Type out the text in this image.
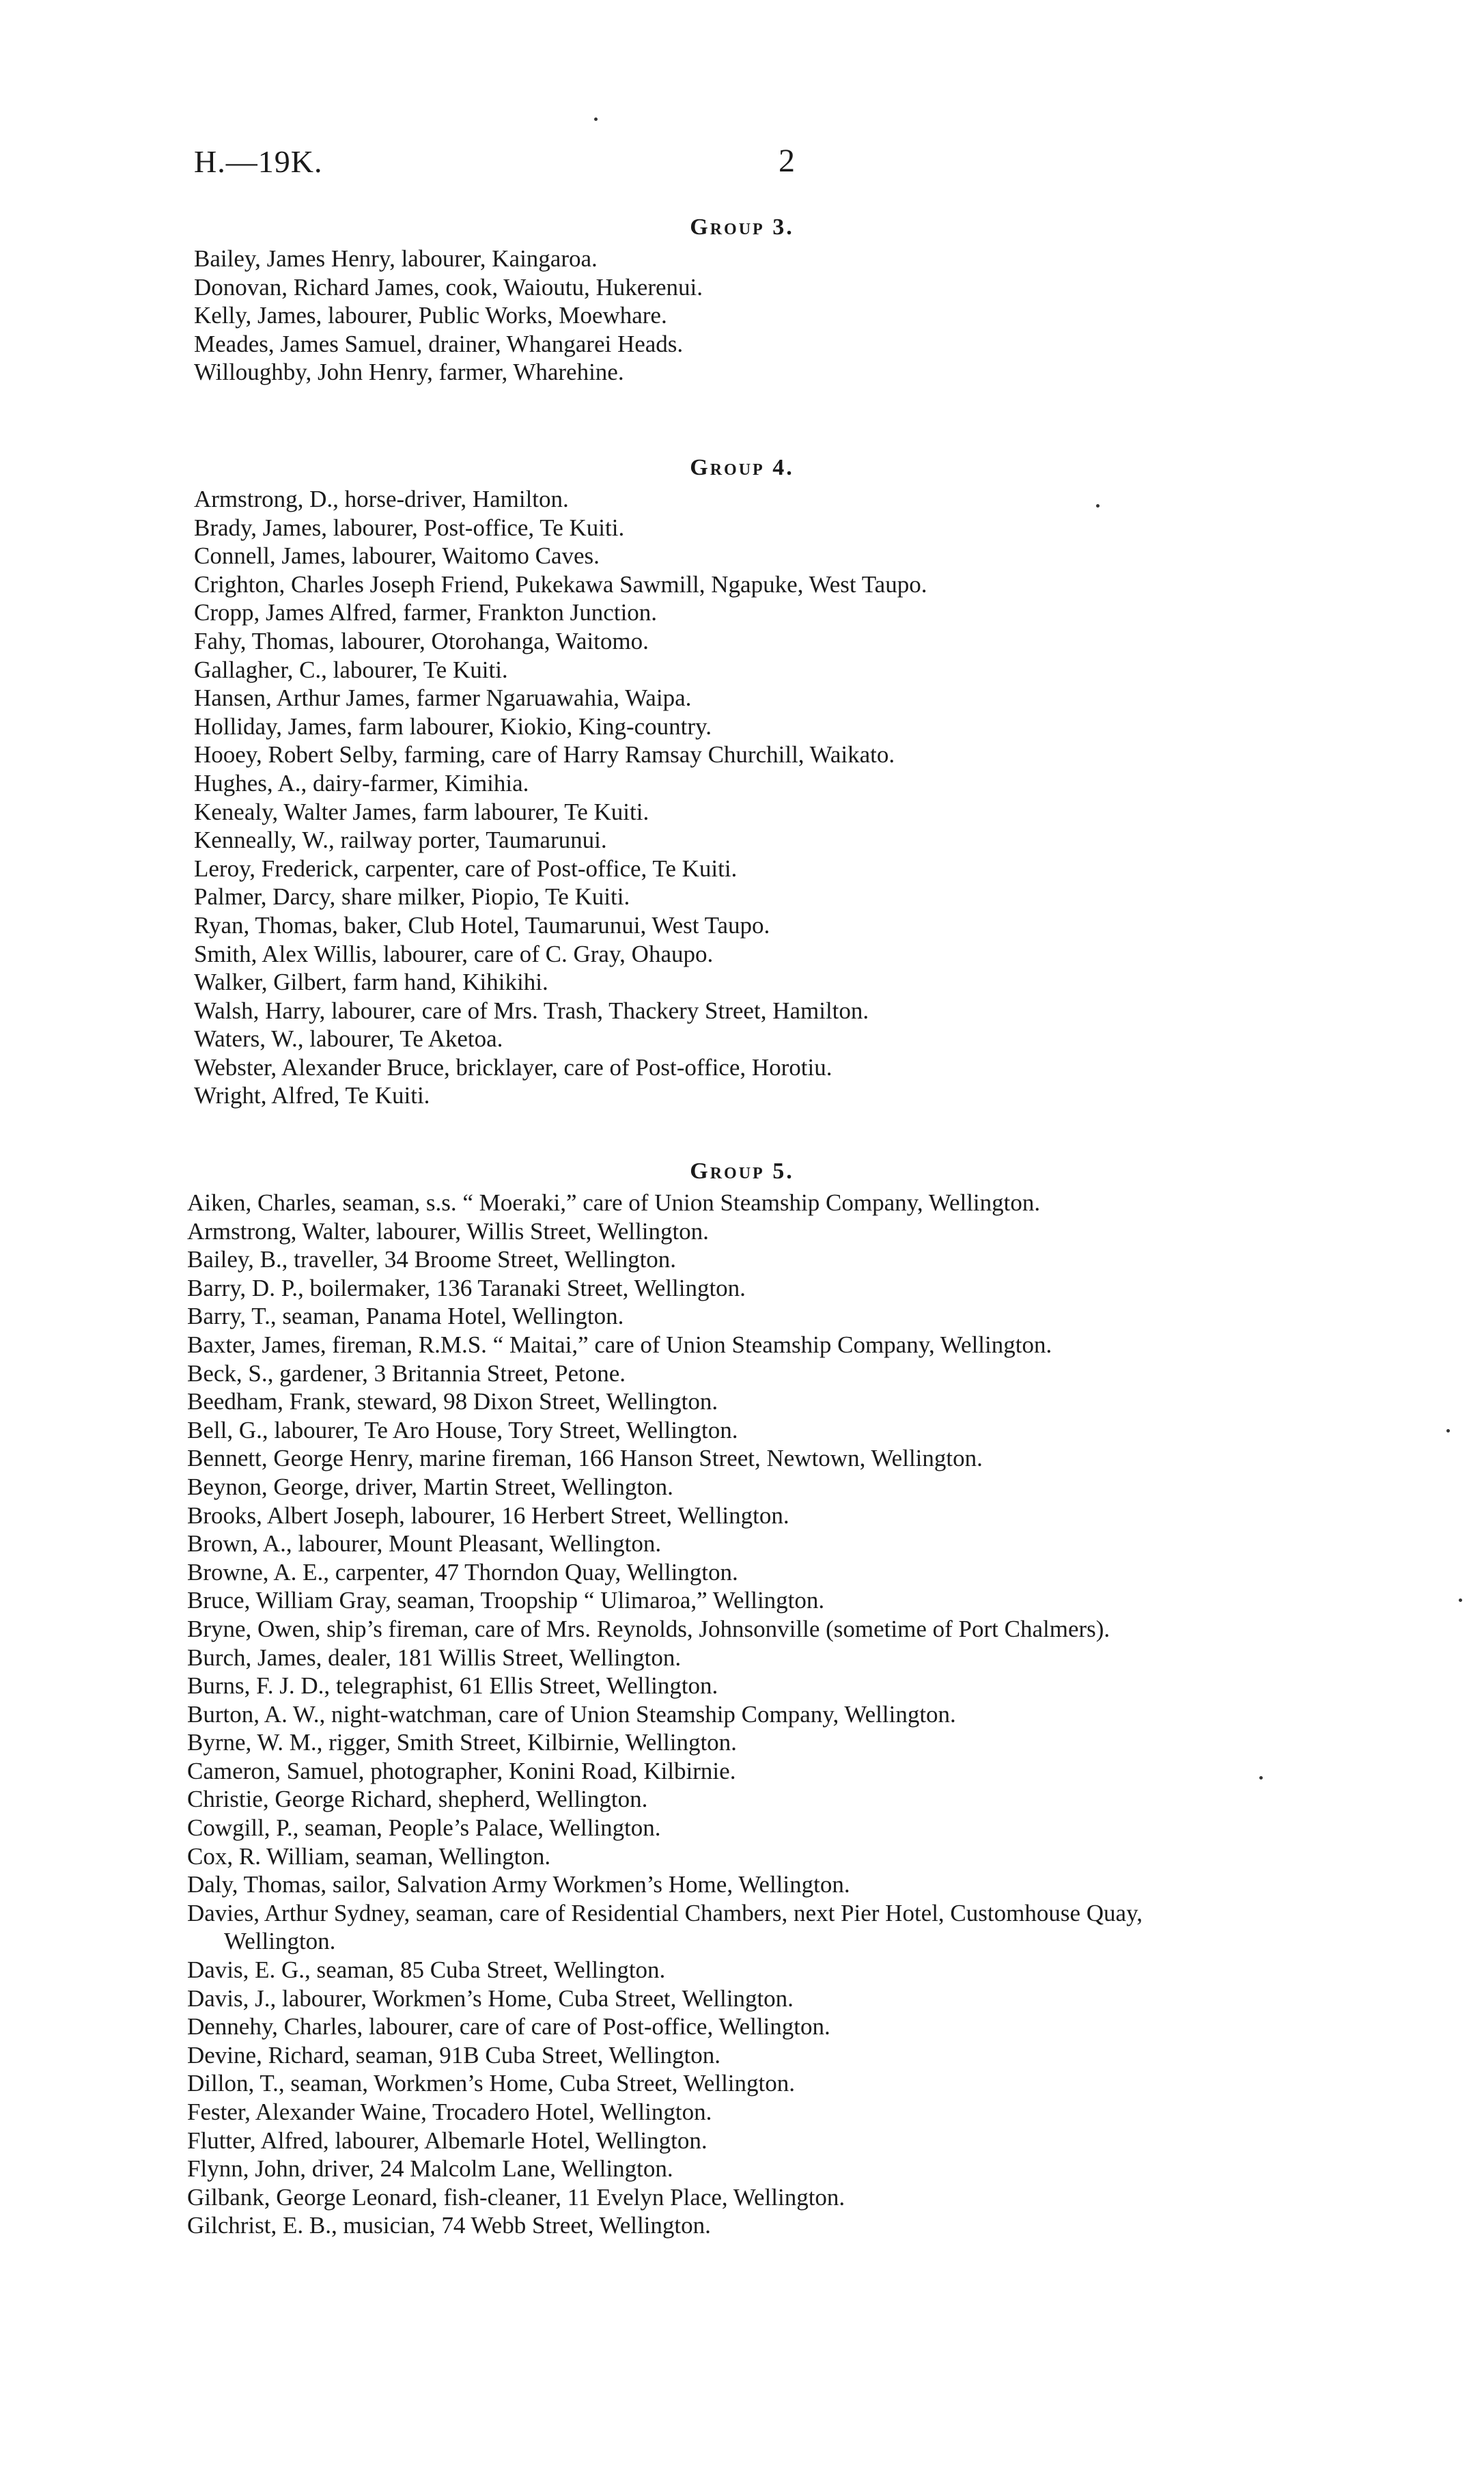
H.—19K.	2
Group 3.
Bailey, James Henry, labourer, Kaingaroa.
Donovan, Richard James, cook, Waioutu, Hukerenui.
Kelly, James, labourer, Public Works, Moewhare.
Meades, James Samuel, drainer, Whangarei Heads.
Willoughby, John Henry, farmer, Wharehine.
Group 4.
Armstrong, D., horse-driver, Hamilton.
Brady, James, labourer, Post-office, Te Kuiti.
Connell, James, labourer, Waitomo Caves.
Crighton, Charles Joseph Friend, Pukekawa Sawmill, Ngapuke, West Taupo.
Cropp, James Alfred, farmer, Frankton Junction.
Fahy, Thomas, labourer, Otorohanga, Waitomo.
Gallagher, C., labourer, Te Kuiti.
Hansen, Arthur James, farmer Ngaruawahia, Waipa.
Holliday, James, farm labourer, Kiokio, King-country.
Hooey, Robert Selby, farming, care of Harry Ramsay Churchill, Waikato.
Hughes, A., dairy-farmer, Kimihia.
Kenealy, Walter James, farm labourer, Te Kuiti.
Kenneally, W., railway porter, Taumarunui.
Leroy, Frederick, carpenter, care of Post-office, Te Kuiti.
Palmer, Darcy, share milker, Piopio, Te Kuiti.
Ryan, Thomas, baker, Club Hotel, Taumarunui, West Taupo.
Smith, Alex Willis, labourer, care of C. Gray, Ohaupo.
Walker, Gilbert, farm hand, Kihikihi.
Walsh, Harry, labourer, care of Mrs. Trash, Thackery Street, Hamilton.
Waters, W., labourer, Te Aketoa.
Webster, Alexander Bruce, bricklayer, care of Post-office, Horotiu.
Wright, Alfred, Te Kuiti.
Group 5.
Aiken, Charles, seaman, s.s. “ Moeraki,” care of Union Steamship Company, Wellington.
Armstrong, Walter, labourer, Willis Street, Wellington.
Bailey, B., traveller, 34 Broome Street, Wellington.
Barry, D. P., boilermaker, 136 Taranaki Street, Wellington.
Barry, T., seaman, Panama Hotel, Wellington.
Baxter, James, fireman, R.M.S. “ Maitai,” care of Union Steamship Company, Wellington.
Beck, S., gardener, 3 Britannia Street, Petone.
Beedham, Frank, steward, 98 Dixon Street, Wellington.
Bell, G., labourer, Te Aro House, Tory Street, Wellington.
Bennett, George Henry, marine fireman, 166 Hanson Street, Newtown, Wellington.
Beynon, George, driver, Martin Street, Wellington.
Brooks, Albert Joseph, labourer, 16 Herbert Street, Wellington.
Brown, A., labourer, Mount Pleasant, Wellington.
Browne, A. E., carpenter, 47 Thorndon Quay, Wellington.
Bruce, William Gray, seaman, Troopship “ Ulimaroa,” Wellington.
Bryne, Owen, ship’s fireman, care of Mrs. Reynolds, Johnsonville (sometime of Port Chalmers).
Burch, James, dealer, 181 Willis Street, Wellington.
Burns, F. J. D., telegraphist, 61 Ellis Street, Wellington.
Burton, A. W., night-watchman, care of Union Steamship Company, Wellington.
Byrne, W. M., rigger, Smith Street, Kilbirnie, Wellington.
Cameron, Samuel, photographer, Konini Road, Kilbirnie.
Christie, George Richard, shepherd, Wellington.
Cowgill, P., seaman, People’s Palace, Wellington.
Cox, R. William, seaman, Wellington.
Daly, Thomas, sailor, Salvation Army Workmen’s Home, Wellington.
Davies, Arthur Sydney, seaman, care of Residential Chambers, next Pier Hotel, Customhouse Quay,
Wellington.
Davis, E. G., seaman, 85 Cuba Street, Wellington.
Davis, J., labourer, Workmen’s Home, Cuba Street, Wellington.
Dennehy, Charles, labourer, care of care of Post-office, Wellington.
Devine, Richard, seaman, 91B Cuba Street, Wellington.
Dillon, T., seaman, Workmen’s Home, Cuba Street, Wellington.
Fester, Alexander Waine, Trocadero Hotel, Wellington.
Flutter, Alfred, labourer, Albemarle Hotel, Wellington.
Flynn, John, driver, 24 Malcolm Lane, Wellington.
Gilbank, George Leonard, fish-cleaner, 11 Evelyn Place, Wellington.
Gilchrist, E. B., musician, 74 Webb Street, Wellington.
